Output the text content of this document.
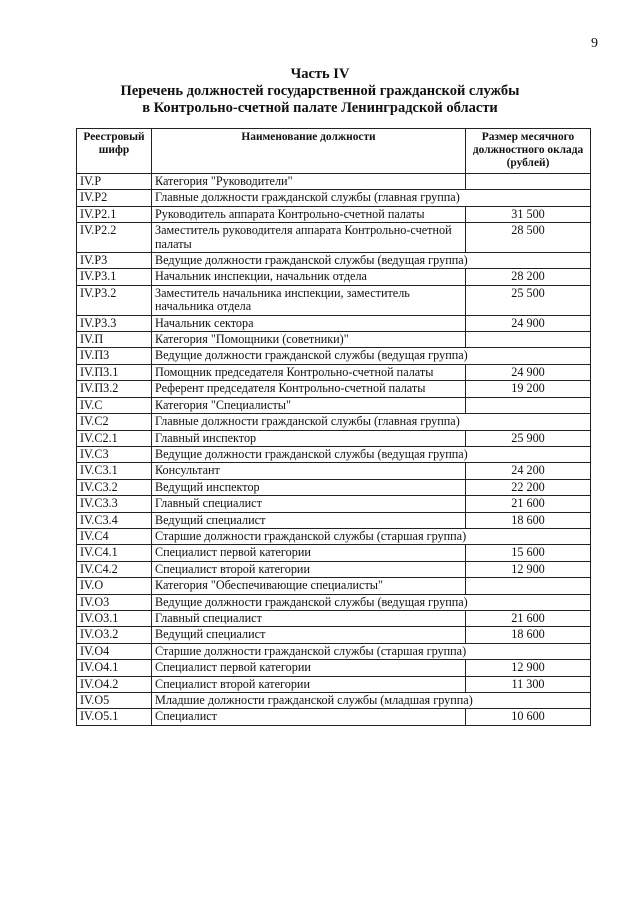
9
Часть IV
Перечень должностей государственной гражданской службы
в Контрольно-счетной палате Ленинградской области
Реестровый шифр	Наименование должности	Размер месячного должностного оклада (рублей)
IV.Р	Категория "Руководители"	
IV.Р2	Главные должности гражданской службы (главная группа)	
IV.Р2.1	Руководитель аппарата Контрольно-счетной палаты	31 500
IV.Р2.2	Заместитель руководителя аппарата Контрольно-счетной палаты	28 500
IV.Р3	Ведущие должности гражданской службы (ведущая группа)	
IV.Р3.1	Начальник инспекции, начальник отдела	28 200
IV.Р3.2	Заместитель начальника инспекции, заместитель начальника отдела	25 500
IV.Р3.3	Начальник сектора	24 900
IV.П	Категория "Помощники (советники)"	
IV.П3	Ведущие должности гражданской службы (ведущая группа)	
IV.П3.1	Помощник председателя Контрольно-счетной палаты	24 900
IV.П3.2	Референт председателя Контрольно-счетной палаты	19 200
IV.С	Категория "Специалисты"	
IV.С2	Главные должности гражданской службы (главная группа)	
IV.С2.1	Главный инспектор	25 900
IV.С3	Ведущие должности гражданской службы (ведущая группа)	
IV.С3.1	Консультант	24 200
IV.С3.2	Ведущий инспектор	22 200
IV.С3.3	Главный специалист	21 600
IV.С3.4	Ведущий специалист	18 600
IV.С4	Старшие должности гражданской службы (старшая группа)	
IV.С4.1	Специалист первой категории	15 600
IV.С4.2	Специалист второй категории	12 900
IV.О	Категория "Обеспечивающие специалисты"	
IV.О3	Ведущие должности гражданской службы (ведущая группа)	
IV.О3.1	Главный специалист	21 600
IV.О3.2	Ведущий специалист	18 600
IV.О4	Старшие должности гражданской службы (старшая группа)	
IV.О4.1	Специалист первой категории	12 900
IV.О4.2	Специалист второй категории	11 300
IV.О5	Младшие должности гражданской службы (младшая группа)	
IV.О5.1	Специалист	10 600
